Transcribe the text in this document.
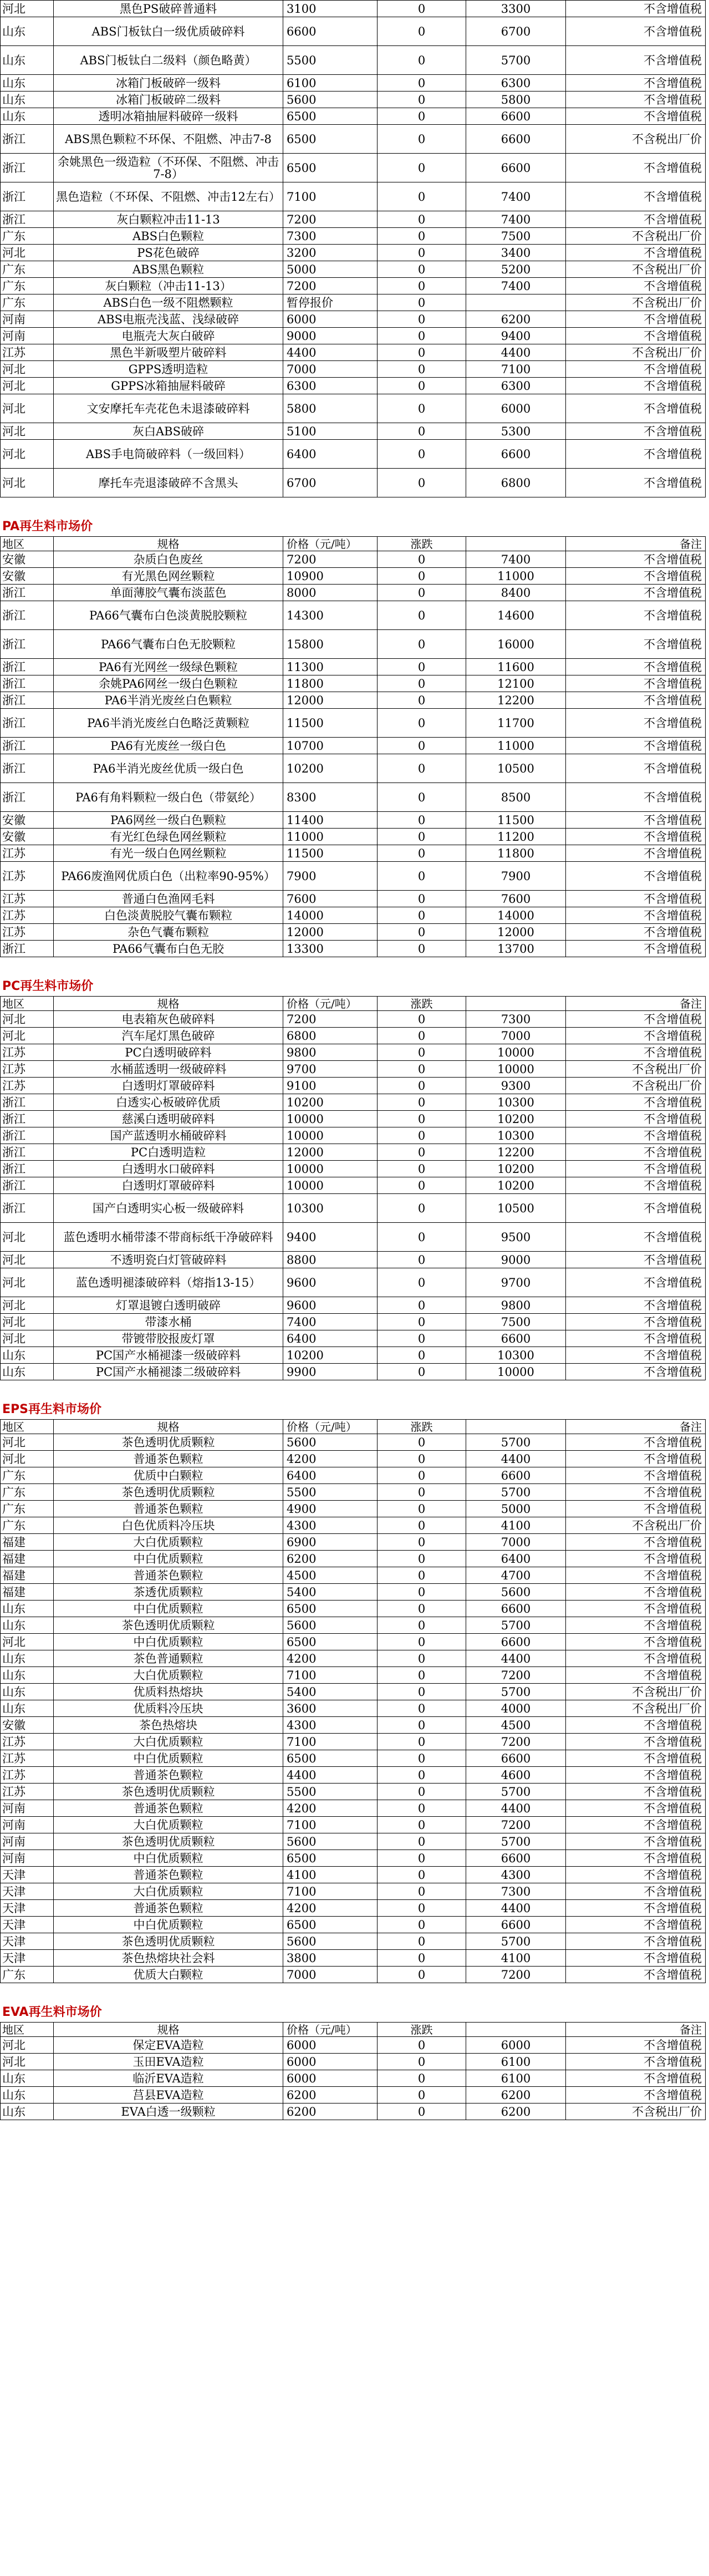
河北	黑色PS破碎普通料	3100	0	3300	不含增值税
山东	ABS门板钛白一级优质破碎料	6600	0	6700	不含增值税
山东	ABS门板钛白二级料（颜色略黄）	5500	0	5700	不含增值税
山东	冰箱门板破碎一级料	6100	0	6300	不含增值税
山东	冰箱门板破碎二级料	5600	0	5800	不含增值税
山东	透明冰箱抽屉料破碎一级料	6500	0	6600	不含增值税
浙江	ABS黑色颗粒不环保、不阻燃、冲击7-8	6500	0	6600	不含税出厂价
浙江	余姚黑色一级造粒（不环保、不阻燃、冲击7-8）	6500	0	6600	不含增值税
浙江	黑色造粒（不环保、不阻燃、冲击12左右）	7100	0	7400	不含增值税
浙江	灰白颗粒冲击11-13	7200	0	7400	不含增值税
广东	ABS白色颗粒	7300	0	7500	不含税出厂价
河北	PS花色破碎	3200	0	3400	不含增值税
广东	ABS黑色颗粒	5000	0	5200	不含税出厂价
广东	灰白颗粒（冲击11-13）	7200	0	7400	不含增值税
广东	ABS白色一级不阻燃颗粒	暂停报价	0		不含税出厂价
河南	ABS电瓶壳浅蓝、浅绿破碎	6000	0	6200	不含增值税
河南	电瓶壳大灰白破碎	9000	0	9400	不含增值税
江苏	黑色半新吸塑片破碎料	4400	0	4400	不含税出厂价
河北	GPPS透明造粒	7000	0	7100	不含增值税
河北	GPPS冰箱抽屉料破碎	6300	0	6300	不含增值税
河北	文安摩托车壳花色未退漆破碎料	5800	0	6000	不含增值税
河北	灰白ABS破碎	5100	0	5300	不含增值税
河北	ABS手电筒破碎料（一级回料）	6400	0	6600	不含增值税
河北	摩托车壳退漆破碎不含黑头	6700	0	6800	不含增值税
PA再生料市场价
地区	规格	价格（元/吨）	涨跌		备注
安徽	杂质白色废丝	7200	0	7400	不含增值税
安徽	有光黑色网丝颗粒	10900	0	11000	不含增值税
浙江	单面薄胶气囊布淡蓝色	8000	0	8400	不含增值税
浙江	PA66气囊布白色淡黄脱胶颗粒	14300	0	14600	不含增值税
浙江	PA66气囊布白色无胶颗粒	15800	0	16000	不含增值税
浙江	PA6有光网丝一级绿色颗粒	11300	0	11600	不含增值税
浙江	余姚PA6网丝一级白色颗粒	11800	0	12100	不含增值税
浙江	PA6半消光废丝白色颗粒	12000	0	12200	不含增值税
浙江	PA6半消光废丝白色略泛黄颗粒	11500	0	11700	不含增值税
浙江	PA6有光废丝一级白色	10700	0	11000	不含增值税
浙江	PA6半消光废丝优质一级白色	10200	0	10500	不含增值税
浙江	PA6有角料颗粒一级白色（带氨纶）	8300	0	8500	不含增值税
安徽	PA6网丝一级白色颗粒	11400	0	11500	不含增值税
安徽	有光红色绿色网丝颗粒	11000	0	11200	不含增值税
江苏	有光一级白色网丝颗粒	11500	0	11800	不含增值税
江苏	PA66废渔网优质白色（出粒率90-95%）	7900	0	7900	不含增值税
江苏	普通白色渔网毛料	7600	0	7600	不含增值税
江苏	白色淡黄脱胶气囊布颗粒	14000	0	14000	不含增值税
江苏	杂色气囊布颗粒	12000	0	12000	不含增值税
浙江	PA66气囊布白色无胶	13300	0	13700	不含增值税
PC再生料市场价
地区	规格	价格（元/吨）	涨跌		备注
河北	电表箱灰色破碎料	7200	0	7300	不含增值税
河北	汽车尾灯黑色破碎	6800	0	7000	不含增值税
江苏	PC白透明破碎料	9800	0	10000	不含增值税
江苏	水桶蓝透明一级破碎料	9700	0	10000	不含税出厂价
江苏	白透明灯罩破碎料	9100	0	9300	不含税出厂价
浙江	白透实心板破碎优质	10200	0	10300	不含增值税
浙江	慈溪白透明破碎料	10000	0	10200	不含增值税
浙江	国产蓝透明水桶破碎料	10000	0	10300	不含增值税
浙江	PC白透明造粒	12000	0	12200	不含增值税
浙江	白透明水口破碎料	10000	0	10200	不含增值税
浙江	白透明灯罩破碎料	10000	0	10200	不含增值税
浙江	国产白透明实心板一级破碎料	10300	0	10500	不含增值税
河北	蓝色透明水桶带漆不带商标纸干净破碎料	9400	0	9500	不含增值税
河北	不透明瓷白灯管破碎料	8800	0	9000	不含增值税
河北	蓝色透明褪漆破碎料（熔指13-15）	9600	0	9700	不含增值税
河北	灯罩退镀白透明破碎	9600	0	9800	不含增值税
河北	带漆水桶	7400	0	7500	不含增值税
河北	带镀带胶报废灯罩	6400	0	6600	不含增值税
山东	PC国产水桶褪漆一级破碎料	10200	0	10300	不含增值税
山东	PC国产水桶褪漆二级破碎料	9900	0	10000	不含增值税
EPS再生料市场价
地区	规格	价格（元/吨）	涨跌		备注
河北	茶色透明优质颗粒	5600	0	5700	不含增值税
河北	普通茶色颗粒	4200	0	4400	不含增值税
广东	优质中白颗粒	6400	0	6600	不含增值税
广东	茶色透明优质颗粒	5500	0	5700	不含增值税
广东	普通茶色颗粒	4900	0	5000	不含增值税
广东	白色优质料冷压块	4300	0	4100	不含税出厂价
福建	大白优质颗粒	6900	0	7000	不含增值税
福建	中白优质颗粒	6200	0	6400	不含增值税
福建	普通茶色颗粒	4500	0	4700	不含增值税
福建	茶透优质颗粒	5400	0	5600	不含增值税
山东	中白优质颗粒	6500	0	6600	不含增值税
山东	茶色透明优质颗粒	5600	0	5700	不含增值税
河北	中白优质颗粒	6500	0	6600	不含增值税
山东	茶色普通颗粒	4200	0	4400	不含增值税
山东	大白优质颗粒	7100	0	7200	不含增值税
山东	优质料热熔块	5400	0	5700	不含税出厂价
山东	优质料冷压块	3600	0	4000	不含税出厂价
安徽	茶色热熔块	4300	0	4500	不含增值税
江苏	大白优质颗粒	7100	0	7200	不含增值税
江苏	中白优质颗粒	6500	0	6600	不含增值税
江苏	普通茶色颗粒	4400	0	4600	不含增值税
江苏	茶色透明优质颗粒	5500	0	5700	不含增值税
河南	普通茶色颗粒	4200	0	4400	不含增值税
河南	大白优质颗粒	7100	0	7200	不含增值税
河南	茶色透明优质颗粒	5600	0	5700	不含增值税
河南	中白优质颗粒	6500	0	6600	不含增值税
天津	普通茶色颗粒	4100	0	4300	不含增值税
天津	大白优质颗粒	7100	0	7300	不含增值税
天津	普通茶色颗粒	4200	0	4400	不含增值税
天津	中白优质颗粒	6500	0	6600	不含增值税
天津	茶色透明优质颗粒	5600	0	5700	不含增值税
天津	茶色热熔块社会料	3800	0	4100	不含增值税
广东	优质大白颗粒	7000	0	7200	不含增值税
EVA再生料市场价
地区	规格	价格（元/吨）	涨跌		备注
河北	保定EVA造粒	6000	0	6000	不含增值税
河北	玉田EVA造粒	6000	0	6100	不含增值税
山东	临沂EVA造粒	6000	0	6100	不含增值税
山东	莒县EVA造粒	6200	0	6200	不含增值税
山东	EVA白透一级颗粒	6200	0	6200	不含税出厂价
